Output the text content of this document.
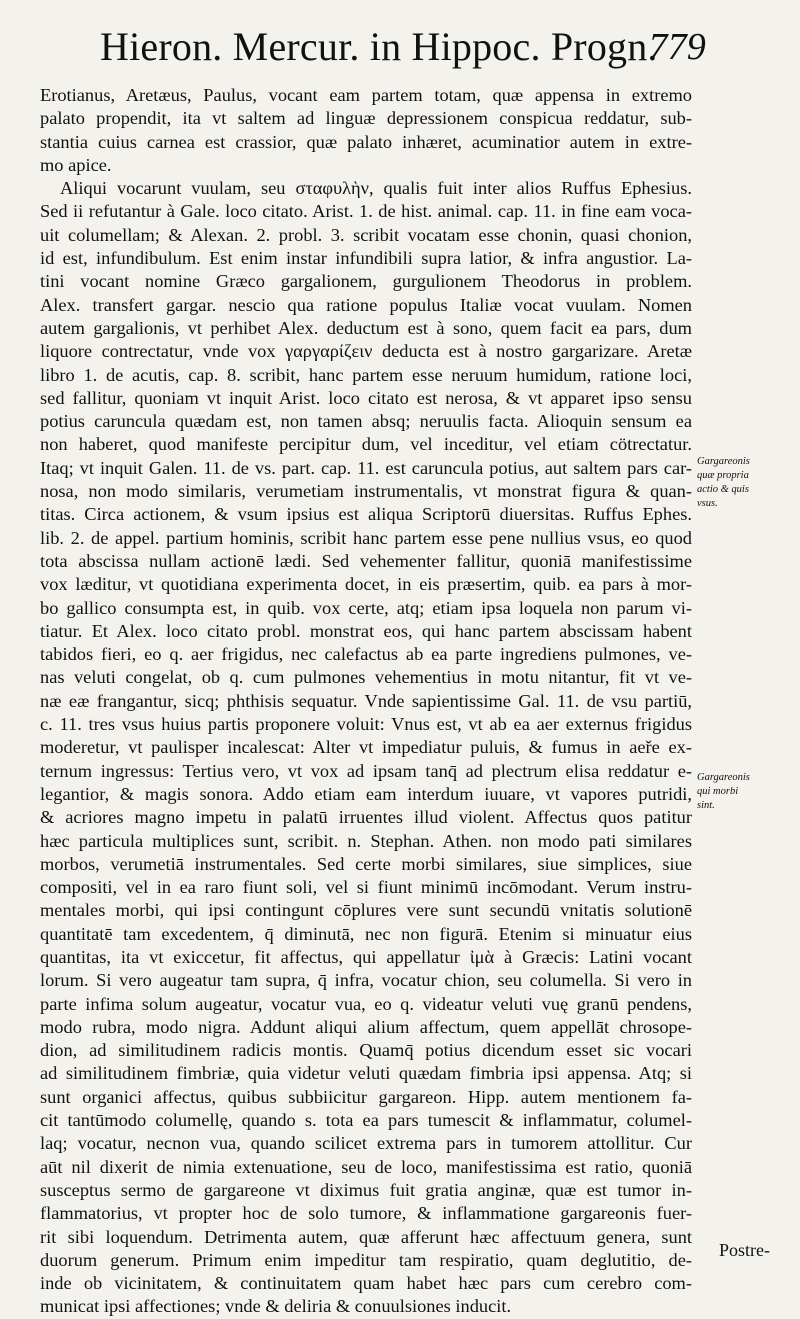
Hieron. Mercur. in Hippoc. Progn.
779
Erotianus, Aretæus, Paulus, vocant eam partem totam, quæ appensa in extremo
palato propendit, ita vt saltem ad linguæ depressionem conspicua reddatur, sub-
stantia cuius carnea est crassior, quæ palato inhæret, acuminatior autem in extre-
mo apice.
Aliqui vocarunt vuulam, seu σταφυλὴν, qualis fuit inter alios Ruffus Ephesius.
Sed ii refutantur à Gale. loco citato. Arist. 1. de hist. animal. cap. 11. in fine eam voca-
uit columellam; & Alexan. 2. probl. 3. scribit vocatam esse chonin, quasi chonion,
id est, infundibulum. Est enim instar infundibili supra latior, & infra angustior. La-
tini vocant nomine Græco gargalionem, gurgulionem Theodorus in problem.
Alex. transfert gargar. nescio qua ratione populus Italiæ vocat vuulam. Nomen
autem gargalionis, vt perhibet Alex. deductum est à sono, quem facit ea pars, dum
liquore contrectatur, vnde vox γαργαρίζειν deducta est à nostro gargarizare. Aretæ
libro 1. de acutis, cap. 8. scribit, hanc partem esse neruum humidum, ratione loci,
sed fallitur, quoniam vt inquit Arist. loco citato est nerosa, & vt apparet ipso sensu
potius caruncula quædam est, non tamen absq; neruulis facta. Alioquin sensum ea
non haberet, quod manifeste percipitur dum, vel inceditur, vel etiam cötrectatur.
Itaq; vt inquit Galen. 11. de vs. part. cap. 11. est caruncula potius, aut saltem pars car-
nosa, non modo similaris, verumetiam instrumentalis, vt monstrat figura & quan-
titas. Circa actionem, & vsum ipsius est aliqua Scriptorū diuersitas. Ruffus Ephes.
lib. 2. de appel. partium hominis, scribit hanc partem esse pene nullius vsus, eo quod
tota abscissa nullam actionē lædi. Sed vehementer fallitur, quoniā manifestissime
vox læditur, vt quotidiana experimenta docet, in eis præsertim, quib. ea pars à mor-
bo gallico consumpta est, in quib. vox certe, atq; etiam ipsa loquela non parum vi-
tiatur. Et Alex. loco citato probl. monstrat eos, qui hanc partem abscissam habent
tabidos fieri, eo q. aer frigidus, nec calefactus ab ea parte ingrediens pulmones, ve-
nas veluti congelat, ob q. cum pulmones vehementius in motu nitantur, fit vt ve-
næ eæ frangantur, sicq; phthisis sequatur. Vnde sapientissime Gal. 11. de vsu partiū,
c. 11. tres vsus huius partis proponere voluit: Vnus est, vt ab ea aer externus frigidus
moderetur, vt paulisper incalescat: Alter vt impediatur puluis, & fumus in aeře ex-
ternum ingressus: Tertius vero, vt vox ad ipsam tanq̄ ad plectrum elisa reddatur e-
legantior, & magis sonora. Addo etiam eam interdum iuuare, vt vapores putridi,
& acriores magno impetu in palatū irruentes illud violent. Affectus quos patitur
hæc particula multiplices sunt, scribit. n. Stephan. Athen. non modo pati similares
morbos, verumetiā instrumentales. Sed certe morbi similares, siue simplices, siue
compositi, vel in ea raro fiunt soli, vel si fiunt minimū incōmodant. Verum instru-
mentales morbi, qui ipsi contingunt cōplures vere sunt secundū vnitatis solutionē
quantitatē tam excedentem, q̄ diminutā, nec non figurā. Etenim si minuatur eius
quantitas, ita vt exiccetur, fit affectus, qui appellatur ἰμὰ à Græcis: Latini vocant
lorum. Si vero augeatur tam supra, q̄ infra, vocatur chion, seu columella. Si vero in
parte infima solum augeatur, vocatur vua, eo q. videatur veluti vuę granū pendens,
modo rubra, modo nigra. Addunt aliqui alium affectum, quem appellāt chrosope-
dion, ad similitudinem radicis montis. Quamq̄ potius dicendum esset sic vocari
ad similitudinem fimbriæ, quia videtur veluti quædam fimbria ipsi appensa. Atq; si
sunt organici affectus, quibus subbiicitur gargareon. Hipp. autem mentionem fa-
cit tantūmodo columellę, quando s. tota ea pars tumescit & inflammatur, columel-
laq; vocatur, necnon vua, quando scilicet extrema pars in tumorem attollitur. Cur
aūt nil dixerit de nimia extenuatione, seu de loco, manifestissima est ratio, quoniā
susceptus sermo de gargareone vt diximus fuit gratia anginæ, quæ est tumor in-
flammatorius, vt propter hoc de solo tumore, & inflammatione gargareonis fuer-
rit sibi loquendum. Detrimenta autem, quæ afferunt hæc affectuum genera, sunt
duorum generum. Primum enim impeditur tam respiratio, quam deglutitio, de-
inde ob vicinitatem, & continuitatem quam habet hæc pars cum cerebro com-
municat ipsi affectiones; vnde & deliria & conuulsiones inducit.
Gargareonis
quæ propria
actio & quis
vsus.
Gargareonis
qui morbi
sint.
Postre-
